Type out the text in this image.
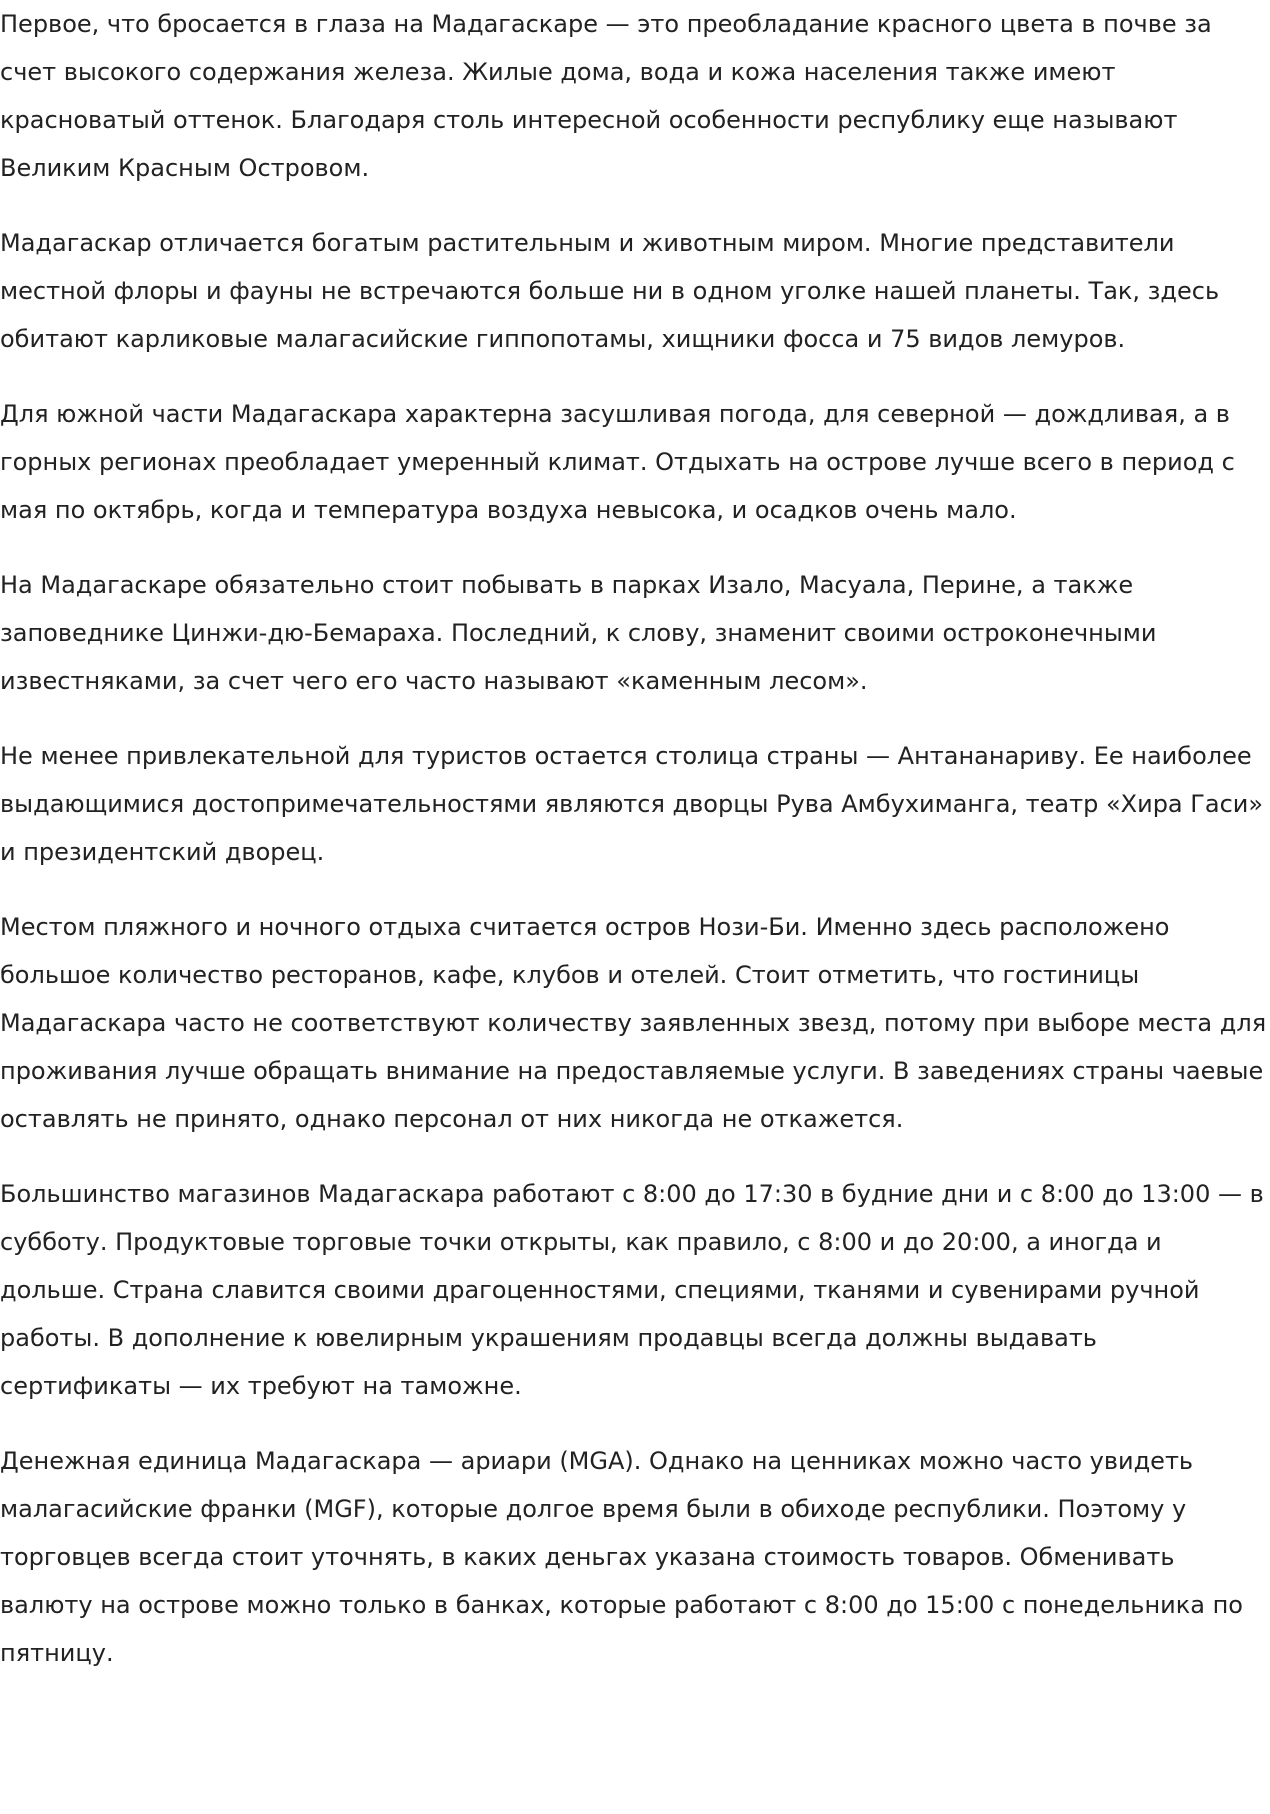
Первое, что бросается в глаза на Мадагаскаре — это преобладание красного цвета в почве за счет высокого содержания железа. Жилые дома, вода и кожа населения также имеют красноватый оттенок. Благодаря столь интересной особенности республику еще называют Великим Красным Островом.

Мадагаскар отличается богатым растительным и животным миром. Многие представители местной флоры и фауны не встречаются больше ни в одном уголке нашей планеты. Так, здесь обитают карликовые малагасийские гиппопотамы, хищники фосса и 75 видов лемуров.

Для южной части Мадагаскара характерна засушливая погода, для северной — дождливая, а в горных регионах преобладает умеренный климат. Отдыхать на острове лучше всего в период с мая по октябрь, когда и температура воздуха невысока, и осадков очень мало.

На Мадагаскаре обязательно стоит побывать в парках Изало, Масуала, Перине, а также заповеднике Цинжи-дю-Бемараха. Последний, к слову, знаменит своими остроконечными известняками, за счет чего его часто называют «каменным лесом».

Не менее привлекательной для туристов остается столица страны — Антананариву. Ее наиболее выдающимися достопримечательностями являются дворцы Рува Амбухиманга, театр «Хира Гаси» и президентский дворец.

Местом пляжного и ночного отдыха считается остров Нози-Би. Именно здесь расположено большое количество ресторанов, кафе, клубов и отелей. Стоит отметить, что гостиницы Мадагаскара часто не соответствуют количеству заявленных звезд, потому при выборе места для проживания лучше обращать внимание на предоставляемые услуги. В заведениях страны чаевые оставлять не принято, однако персонал от них никогда не откажется.

Большинство магазинов Мадагаскара работают с 8:00 до 17:30 в будние дни и с 8:00 до 13:00 — в субботу. Продуктовые торговые точки открыты, как правило, с 8:00 и до 20:00, а иногда и дольше. Страна славится своими драгоценностями, специями, тканями и сувенирами ручной работы. В дополнение к ювелирным украшениям продавцы всегда должны выдавать сертификаты — их требуют на таможне.

Денежная единица Мадагаскара — ариари (MGA). Однако на ценниках можно часто увидеть малагасийские франки (MGF), которые долгое время были в обиходе республики. Поэтому у торговцев всегда стоит уточнять, в каких деньгах указана стоимость товаров. Обменивать валюту на острове можно только в банках, которые работают с 8:00 до 15:00 с понедельника по пятницу.
